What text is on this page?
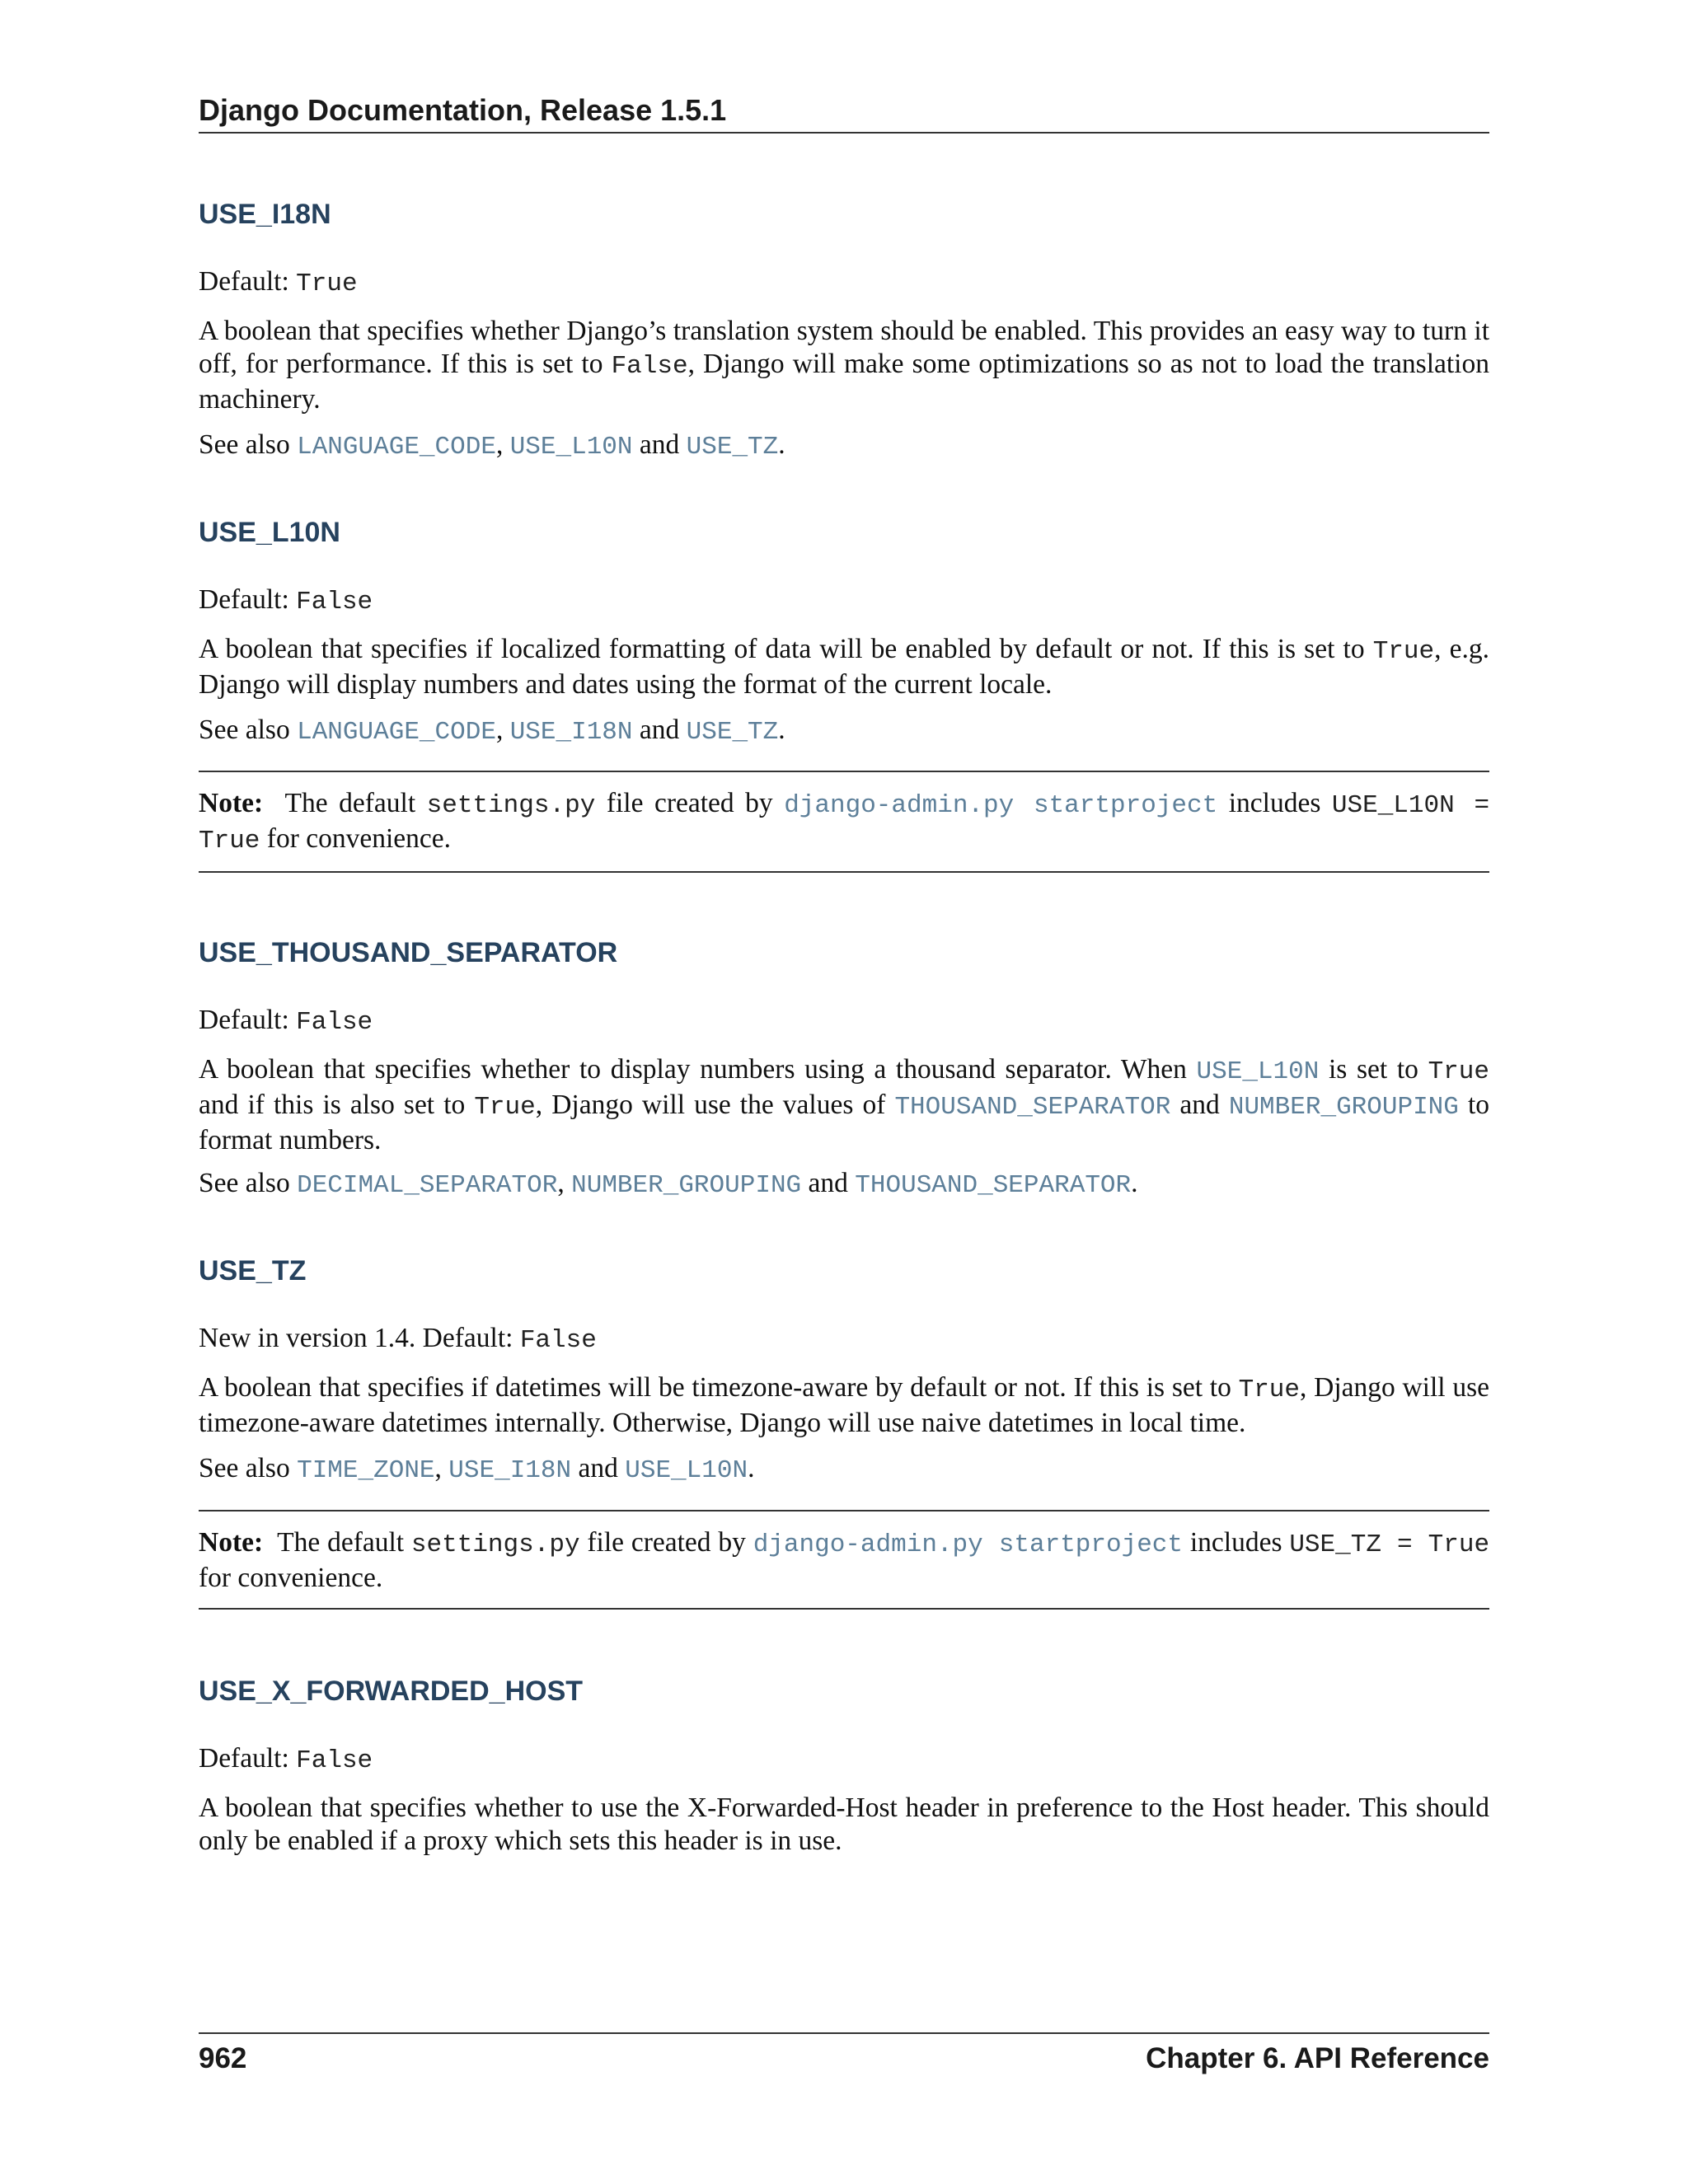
Django Documentation, Release 1.5.1
USE_I18N

Default: True

A boolean that specifies whether Django’s translation system should be enabled. This provides an easy way to turn it off, for performance. If this is set to False, Django will make some optimizations so as not to load the translation machinery.

See also LANGUAGE_CODE, USE_L10N and USE_TZ.

USE_L10N

Default: False

A boolean that specifies if localized formatting of data will be enabled by default or not. If this is set to True, e.g. Django will display numbers and dates using the format of the current locale.

See also LANGUAGE_CODE, USE_I18N and USE_TZ.

Note: The default settings.py file created by django-admin.py startproject includes USE_L10N = True for convenience.

USE_THOUSAND_SEPARATOR

Default: False

A boolean that specifies whether to display numbers using a thousand separator. When USE_L10N is set to True and if this is also set to True, Django will use the values of THOUSAND_SEPARATOR and NUMBER_GROUPING to format numbers.

See also DECIMAL_SEPARATOR, NUMBER_GROUPING and THOUSAND_SEPARATOR.

USE_TZ

New in version 1.4. Default: False

A boolean that specifies if datetimes will be timezone-aware by default or not. If this is set to True, Django will use timezone-aware datetimes internally. Otherwise, Django will use naive datetimes in local time.

See also TIME_ZONE, USE_I18N and USE_L10N.

Note: The default settings.py file created by django-admin.py startproject includes USE_TZ = True for convenience.

USE_X_FORWARDED_HOST

Default: False

A boolean that specifies whether to use the X-Forwarded-Host header in preference to the Host header. This should only be enabled if a proxy which sets this header is in use.

962	Chapter 6. API Reference
